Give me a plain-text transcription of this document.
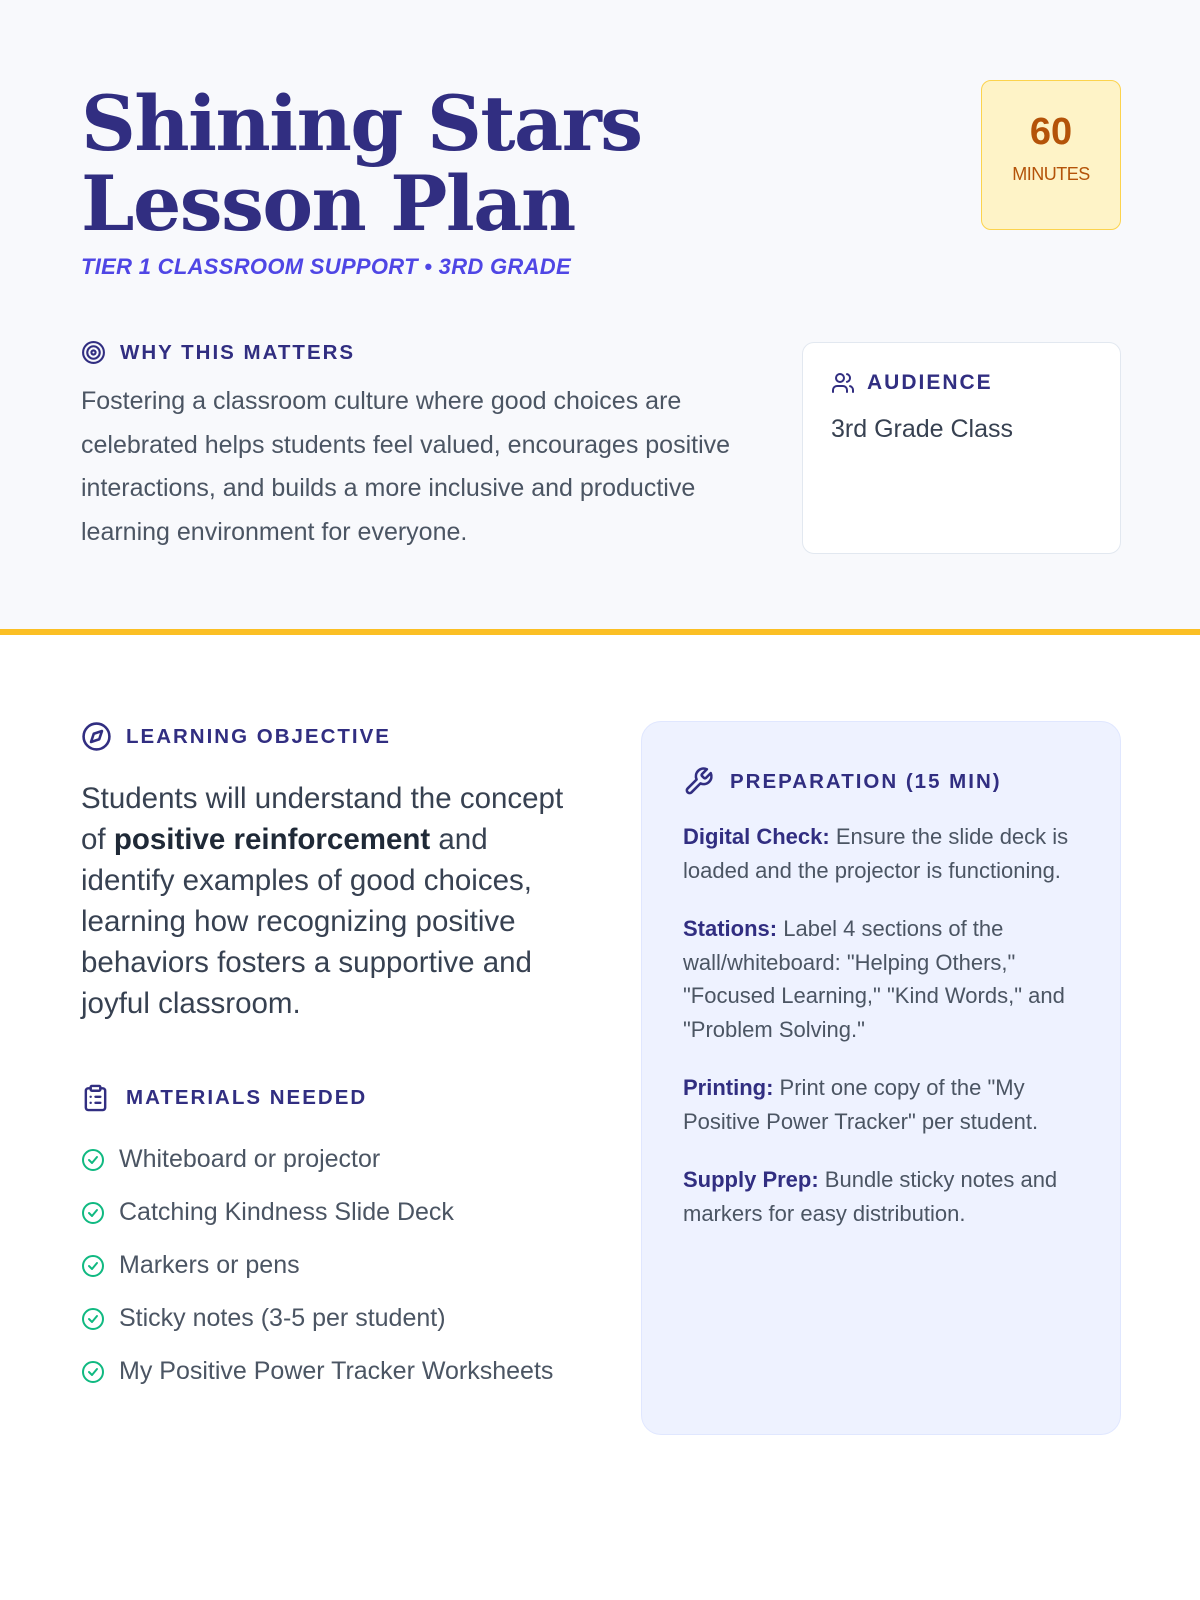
Shining Stars Lesson Plan
TIER 1 CLASSROOM SUPPORT • 3RD GRADE
60
MINUTES
WHY THIS MATTERS

Fostering a classroom culture where good choices are celebrated helps students feel valued, encourages positive interactions, and builds a more inclusive and productive learning environment for everyone.

AUDIENCE
3rd Grade Class
LEARNING OBJECTIVE

Students will understand the concept of positive reinforcement and identify examples of good choices, learning how recognizing positive behaviors fosters a supportive and joyful classroom.

MATERIALS NEEDED
Whiteboard or projector
Catching Kindness Slide Deck
Markers or pens
Sticky notes (3-5 per student)
My Positive Power Tracker Worksheets
PREPARATION (15 MIN)

Digital Check: Ensure the slide deck is loaded and the projector is functioning.

Stations: Label 4 sections of the wall/whiteboard: "Helping Others," "Focused Learning," "Kind Words," and "Problem Solving."

Printing: Print one copy of the "My Positive Power Tracker" per student.

Supply Prep: Bundle sticky notes and markers for easy distribution.
